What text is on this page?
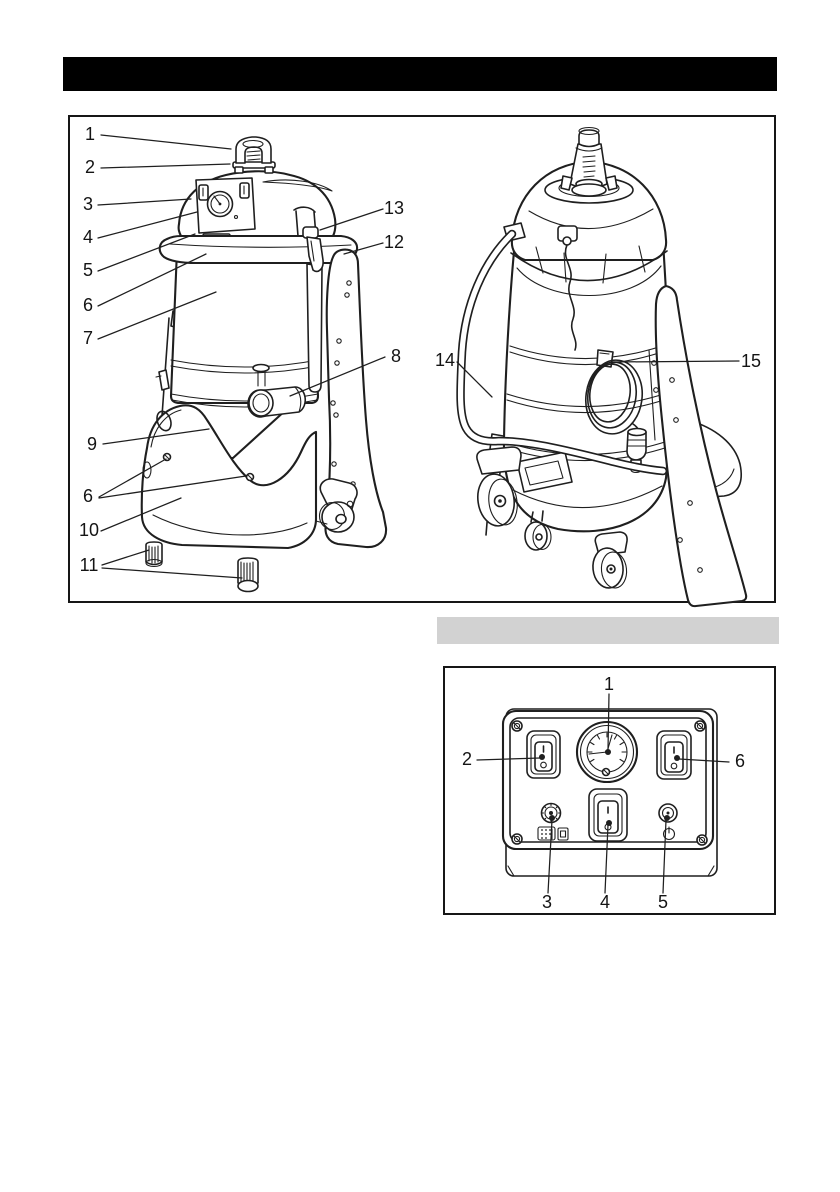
1
2
3
4
5
6
7
8
9
6
10
11
12
13
14	15
1
2	6
3	4	5
